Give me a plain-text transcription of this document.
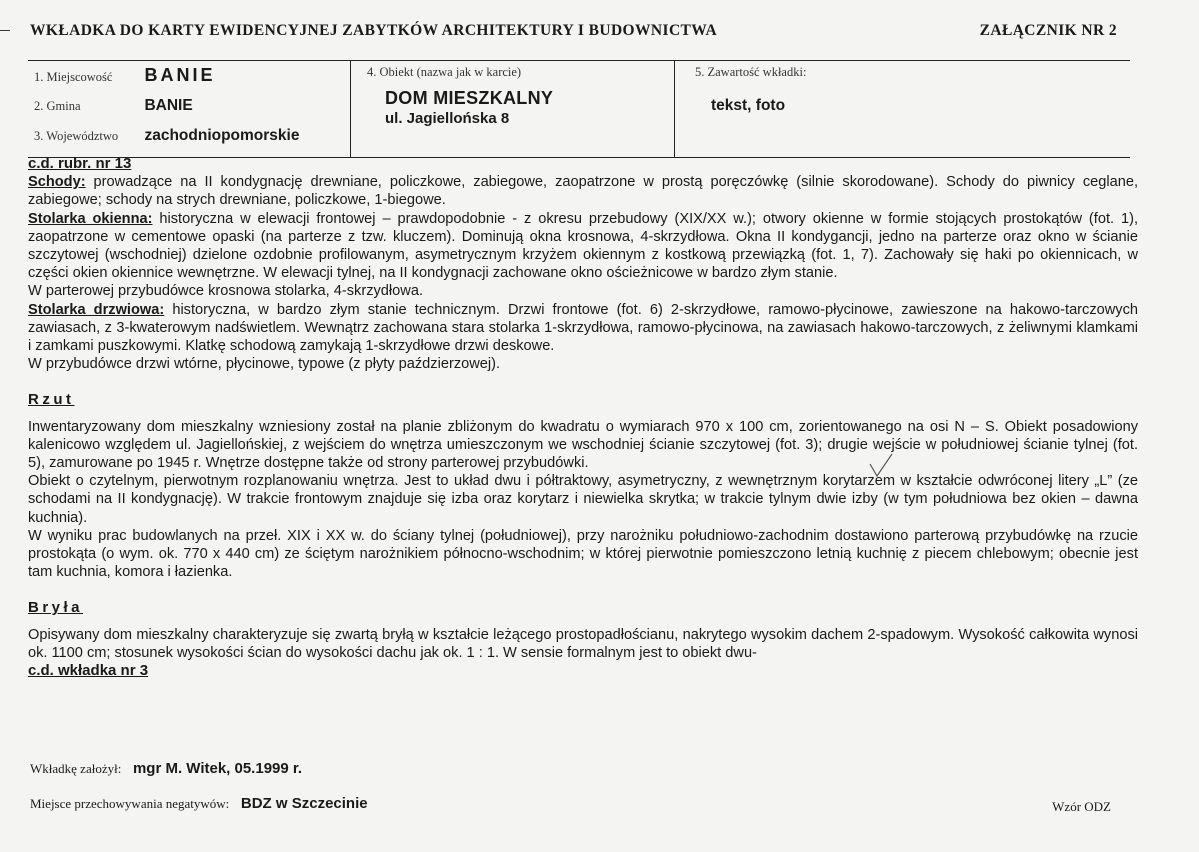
WKŁADKA DO KARTY EWIDENCYJNEJ ZABYTKÓW ARCHITEKTURY I BUDOWNICTWA	ZAŁĄCZNIK NR 2
1. Miejscowość BANIE
2. Gmina	BANIE
3. Województwo zachodniopomorskie
4. Obiekt (nazwa jak w karcie)
DOM MIESZKALNY
ul. Jagiellońska 8
5. Zawartość wkładki:
tekst, foto

c.d. rubr. nr 13

Schody: prowadzące na II kondygnację drewniane, policzkowe, zabiegowe, zaopatrzone w prostą poręczówkę (silnie skorodowane). Schody do piwnicy ceglane, zabiegowe; schody na strych drewniane, policzkowe, 1-biegowe.

Stolarka okienna: historyczna w elewacji frontowej – prawdopodobnie - z okresu przebudowy (XIX/XX w.); otwory okienne w formie stojących prostokątów (fot. 1), zaopatrzone w cementowe opaski (na parterze z tzw. kluczem). Dominują okna krosnowa, 4-skrzydłowa. Okna II kondygancji, jedno na parterze oraz okno w ścianie szczytowej (wschodniej) dzielone ozdobnie profilowanym, asymetrycznym krzyżem okiennym z kostkową przewiązką (fot. 1, 7). Zachowały się haki po okiennicach, w części okien okiennice wewnętrzne. W elewacji tylnej, na II kondygnacji zachowane okno ościeżnicowe w bardzo złym stanie.

W parterowej przybudówce krosnowa stolarka, 4-skrzydłowa.

Stolarka drzwiowa: historyczna, w bardzo złym stanie technicznym. Drzwi frontowe (fot. 6) 2-skrzydłowe, ramowo-płycinowe, zawieszone na hakowo-tarczowych zawiasach, z 3-kwaterowym nadświetlem. Wewnątrz zachowana stara stolarka 1-skrzydłowa, ramowo-płycinowa, na zawiasach hakowo-tarczowych, z żeliwnymi klamkami i zamkami puszkowymi. Klatkę schodową zamykają 1-skrzydłowe drzwi deskowe.

W przybudówce drzwi wtórne, płycinowe, typowe (z płyty paździerzowej).

Rzut

Inwentaryzowany dom mieszkalny wzniesiony został na planie zbliżonym do kwadratu o wymiarach 970 x 100 cm, zorientowanego na osi N – S. Obiekt posadowiony kalenicowo względem ul. Jagiellońskiej, z wejściem do wnętrza umieszczonym we wschodniej ścianie szczytowej (fot. 3); drugie wejście w południowej ścianie tylnej (fot. 5), zamurowane po 1945 r. Wnętrze dostępne także od strony parterowej przybudówki.

Obiekt o czytelnym, pierwotnym rozplanowaniu wnętrza. Jest to układ dwu i półtraktowy, asymetryczny, z wewnętrznym korytarzem w kształcie odwróconej litery „L” (ze schodami na II kondygnację). W trakcie frontowym znajduje się izba oraz korytarz i niewielka skrytka; w trakcie tylnym dwie izby (w tym południowa bez okien – dawna kuchnia).

W wyniku prac budowlanych na przeł. XIX i XX w. do ściany tylnej (południowej), przy narożniku południowo-zachodnim dostawiono parterową przybudówkę na rzucie prostokąta (o wym. ok. 770 x 440 cm) ze ściętym narożnikiem północno-wschodnim; w której pierwotnie pomieszczono letnią kuchnię z piecem chlebowym; obecnie jest tam kuchnia, komora i łazienka.

Bryła

Opisywany dom mieszkalny charakteryzuje się zwartą bryłą w kształcie leżącego prostopadłościanu, nakrytego wysokim dachem 2-spadowym. Wysokość całkowita wynosi ok. 1100 cm; stosunek wysokości ścian do wysokości dachu jak ok. 1 : 1. W sensie formalnym jest to obiekt dwu-

c.d. wkładka nr 3

Wkładkę założył: mgr M. Witek, 05.1999 r.
Miejsce przechowywania negatywów: BDZ w Szczecinie	Wzór ODZ
